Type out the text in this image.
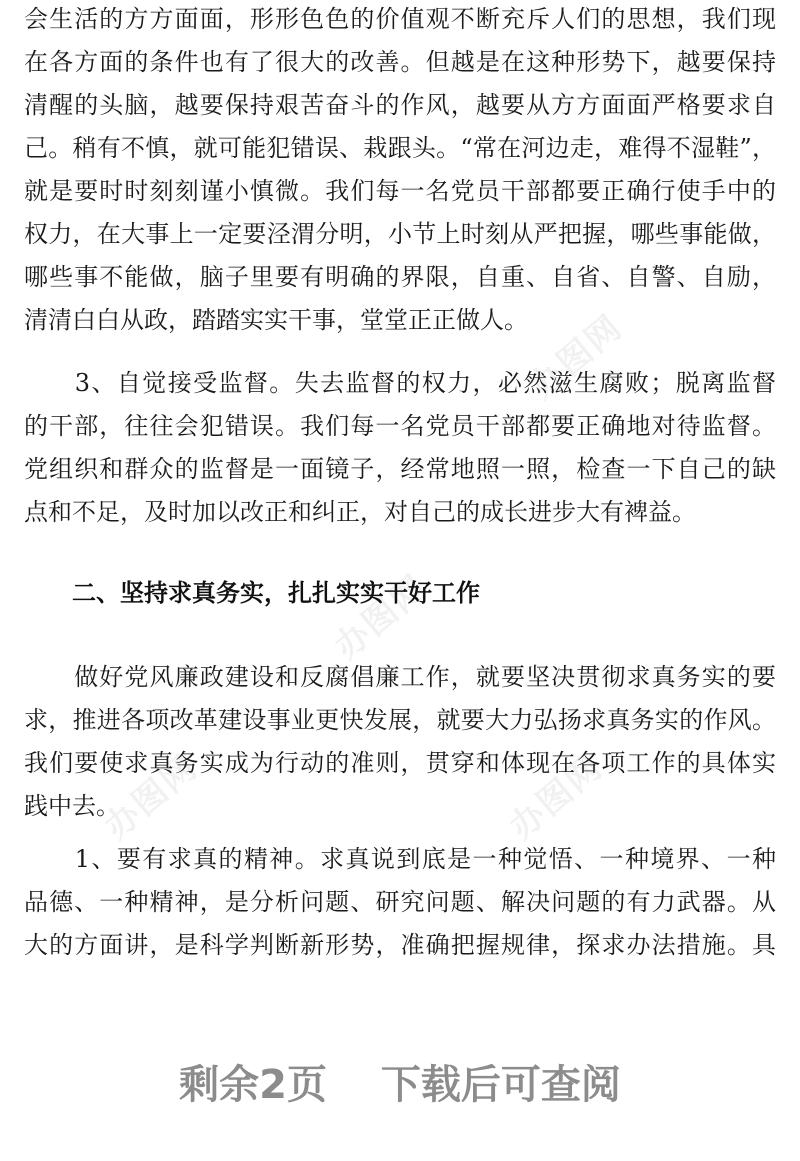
办图网
办图网
办图网	办图网
会生活的方方面面，形形色色的价值观不断充斥人们的思想，我们现
在各方面的条件也有了很大的改善。但越是在这种形势下，越要保持
清醒的头脑，越要保持艰苦奋斗的作风，越要从方方面面严格要求自
己。稍有不慎，就可能犯错误、栽跟头。“常在河边走，难得不湿鞋”，
就是要时时刻刻谨小慎微。我们每一名党员干部都要正确行使手中的
权力，在大事上一定要泾渭分明，小节上时刻从严把握，哪些事能做，
哪些事不能做，脑子里要有明确的界限，自重、自省、自警、自励，
清清白白从政，踏踏实实干事，堂堂正正做人。
　　3、自觉接受监督。失去监督的权力，必然滋生腐败；脱离监督
的干部，往往会犯错误。我们每一名党员干部都要正确地对待监督。
党组织和群众的监督是一面镜子，经常地照一照，检查一下自己的缺
点和不足，及时加以改正和纠正，对自己的成长进步大有裨益。
二、坚持求真务实，扎扎实实干好工作
　　做好党风廉政建设和反腐倡廉工作，就要坚决贯彻求真务实的要
求，推进各项改革建设事业更快发展，就要大力弘扬求真务实的作风。
我们要使求真务实成为行动的准则，贯穿和体现在各项工作的具体实
践中去。
　　1、要有求真的精神。求真说到底是一种觉悟、一种境界、一种
品德、一种精神，是分析问题、研究问题、解决问题的有力武器。从
大的方面讲，是科学判断新形势，准确把握规律，探求办法措施。具
剩余2页 下载后可查阅
